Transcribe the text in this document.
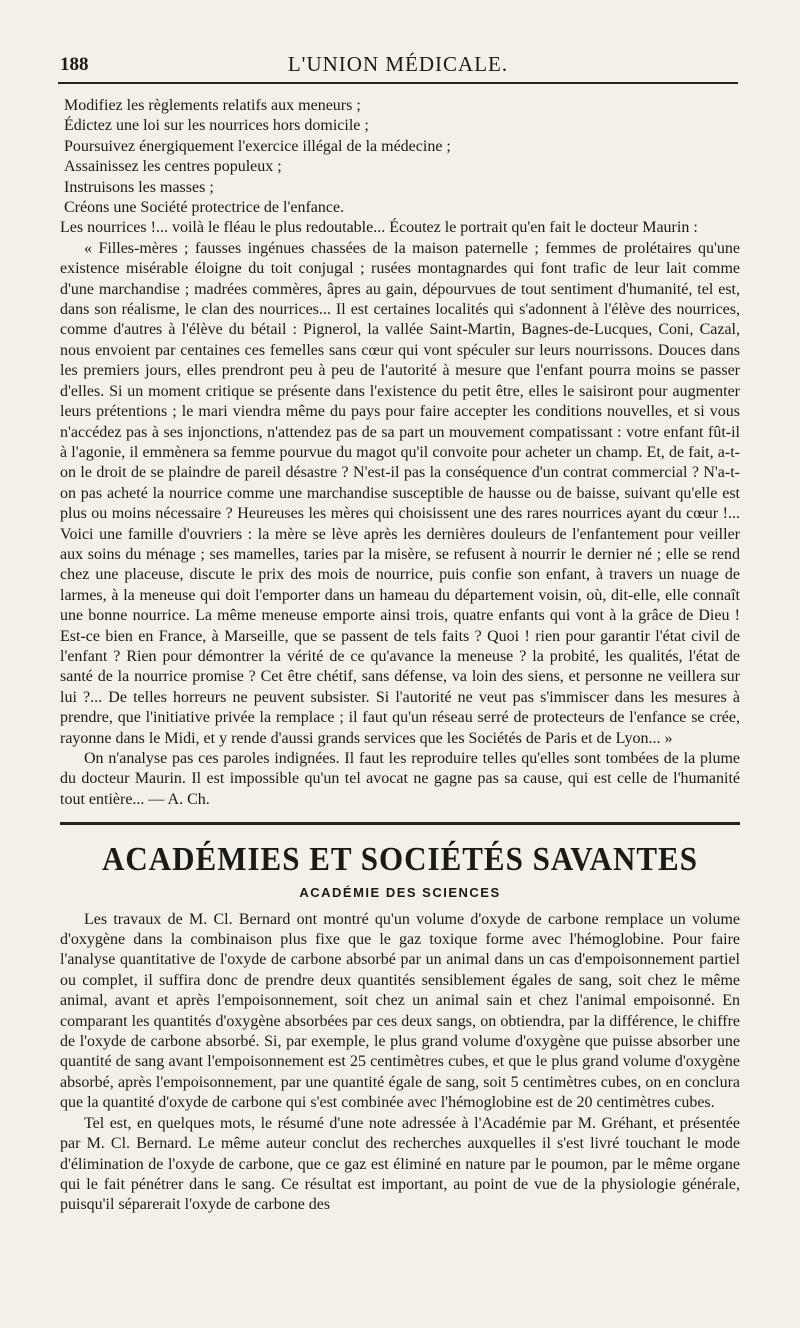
188	L'UNION MÉDICALE.
Modifiez les règlements relatifs aux meneurs ;
Édictez une loi sur les nourrices hors domicile ;
Poursuivez énergiquement l'exercice illégal de la médecine ;
Assainissez les centres populeux ;
Instruisons les masses ;
Créons une Société protectrice de l'enfance.

Les nourrices !... voilà le fléau le plus redoutable... Écoutez le portrait qu'en fait le docteur Maurin :

« Filles-mères ; fausses ingénues chassées de la maison paternelle ; femmes de prolétaires qu'une existence misérable éloigne du toit conjugal ; rusées montagnardes qui font trafic de leur lait comme d'une marchandise ; madrées commères, âpres au gain, dépourvues de tout sentiment d'humanité, tel est, dans son réalisme, le clan des nourrices... Il est certaines localités qui s'adonnent à l'élève des nourrices, comme d'autres à l'élève du bétail : Pignerol, la vallée Saint-Martin, Bagnes-de-Lucques, Coni, Cazal, nous envoient par centaines ces femelles sans cœur qui vont spéculer sur leurs nourrissons. Douces dans les premiers jours, elles prendront peu à peu de l'autorité à mesure que l'enfant pourra moins se passer d'elles. Si un moment critique se présente dans l'existence du petit être, elles le saisiront pour augmenter leurs prétentions ; le mari viendra même du pays pour faire accepter les conditions nouvelles, et si vous n'accédez pas à ses injonctions, n'attendez pas de sa part un mouvement compatissant : votre enfant fût-il à l'agonie, il emmènera sa femme pourvue du magot qu'il convoite pour acheter un champ. Et, de fait, a-t-on le droit de se plaindre de pareil désastre ? N'est-il pas la conséquence d'un contrat commercial ? N'a-t-on pas acheté la nourrice comme une marchandise susceptible de hausse ou de baisse, suivant qu'elle est plus ou moins nécessaire ? Heureuses les mères qui choisissent une des rares nourrices ayant du cœur !... Voici une famille d'ouvriers : la mère se lève après les dernières douleurs de l'enfantement pour veiller aux soins du ménage ; ses mamelles, taries par la misère, se refusent à nourrir le dernier né ; elle se rend chez une placeuse, discute le prix des mois de nourrice, puis confie son enfant, à travers un nuage de larmes, à la meneuse qui doit l'emporter dans un hameau du département voisin, où, dit-elle, elle connaît une bonne nourrice. La même meneuse emporte ainsi trois, quatre enfants qui vont à la grâce de Dieu ! Est-ce bien en France, à Marseille, que se passent de tels faits ? Quoi ! rien pour garantir l'état civil de l'enfant ? Rien pour démontrer la vérité de ce qu'avance la meneuse ? la probité, les qualités, l'état de santé de la nourrice promise ? Cet être chétif, sans défense, va loin des siens, et personne ne veillera sur lui ?... De telles horreurs ne peuvent subsister. Si l'autorité ne veut pas s'immiscer dans les mesures à prendre, que l'initiative privée la remplace ; il faut qu'un réseau serré de protecteurs de l'enfance se crée, rayonne dans le Midi, et y rende d'aussi grands services que les Sociétés de Paris et de Lyon... »

On n'analyse pas ces paroles indignées. Il faut les reproduire telles qu'elles sont tombées de la plume du docteur Maurin. Il est impossible qu'un tel avocat ne gagne pas sa cause, qui est celle de l'humanité tout entière... — A. Ch.

ACADÉMIES ET SOCIÉTÉS SAVANTES
ACADÉMIE DES SCIENCES

Les travaux de M. Cl. Bernard ont montré qu'un volume d'oxyde de carbone remplace un volume d'oxygène dans la combinaison plus fixe que le gaz toxique forme avec l'hémoglobine. Pour faire l'analyse quantitative de l'oxyde de carbone absorbé par un animal dans un cas d'empoisonnement partiel ou complet, il suffira donc de prendre deux quantités sensiblement égales de sang, soit chez le même animal, avant et après l'empoisonnement, soit chez un animal sain et chez l'animal empoisonné. En comparant les quantités d'oxygène absorbées par ces deux sangs, on obtiendra, par la différence, le chiffre de l'oxyde de carbone absorbé. Si, par exemple, le plus grand volume d'oxygène que puisse absorber une quantité de sang avant l'empoisonnement est 25 centimètres cubes, et que le plus grand volume d'oxygène absorbé, après l'empoisonnement, par une quantité égale de sang, soit 5 centimètres cubes, on en conclura que la quantité d'oxyde de carbone qui s'est combinée avec l'hémoglobine est de 20 centimètres cubes.

Tel est, en quelques mots, le résumé d'une note adressée à l'Académie par M. Gréhant, et présentée par M. Cl. Bernard. Le même auteur conclut des recherches auxquelles il s'est livré touchant le mode d'élimination de l'oxyde de carbone, que ce gaz est éliminé en nature par le poumon, par le même organe qui le fait pénétrer dans le sang. Ce résultat est important, au point de vue de la physiologie générale, puisqu'il séparerait l'oxyde de carbone des
